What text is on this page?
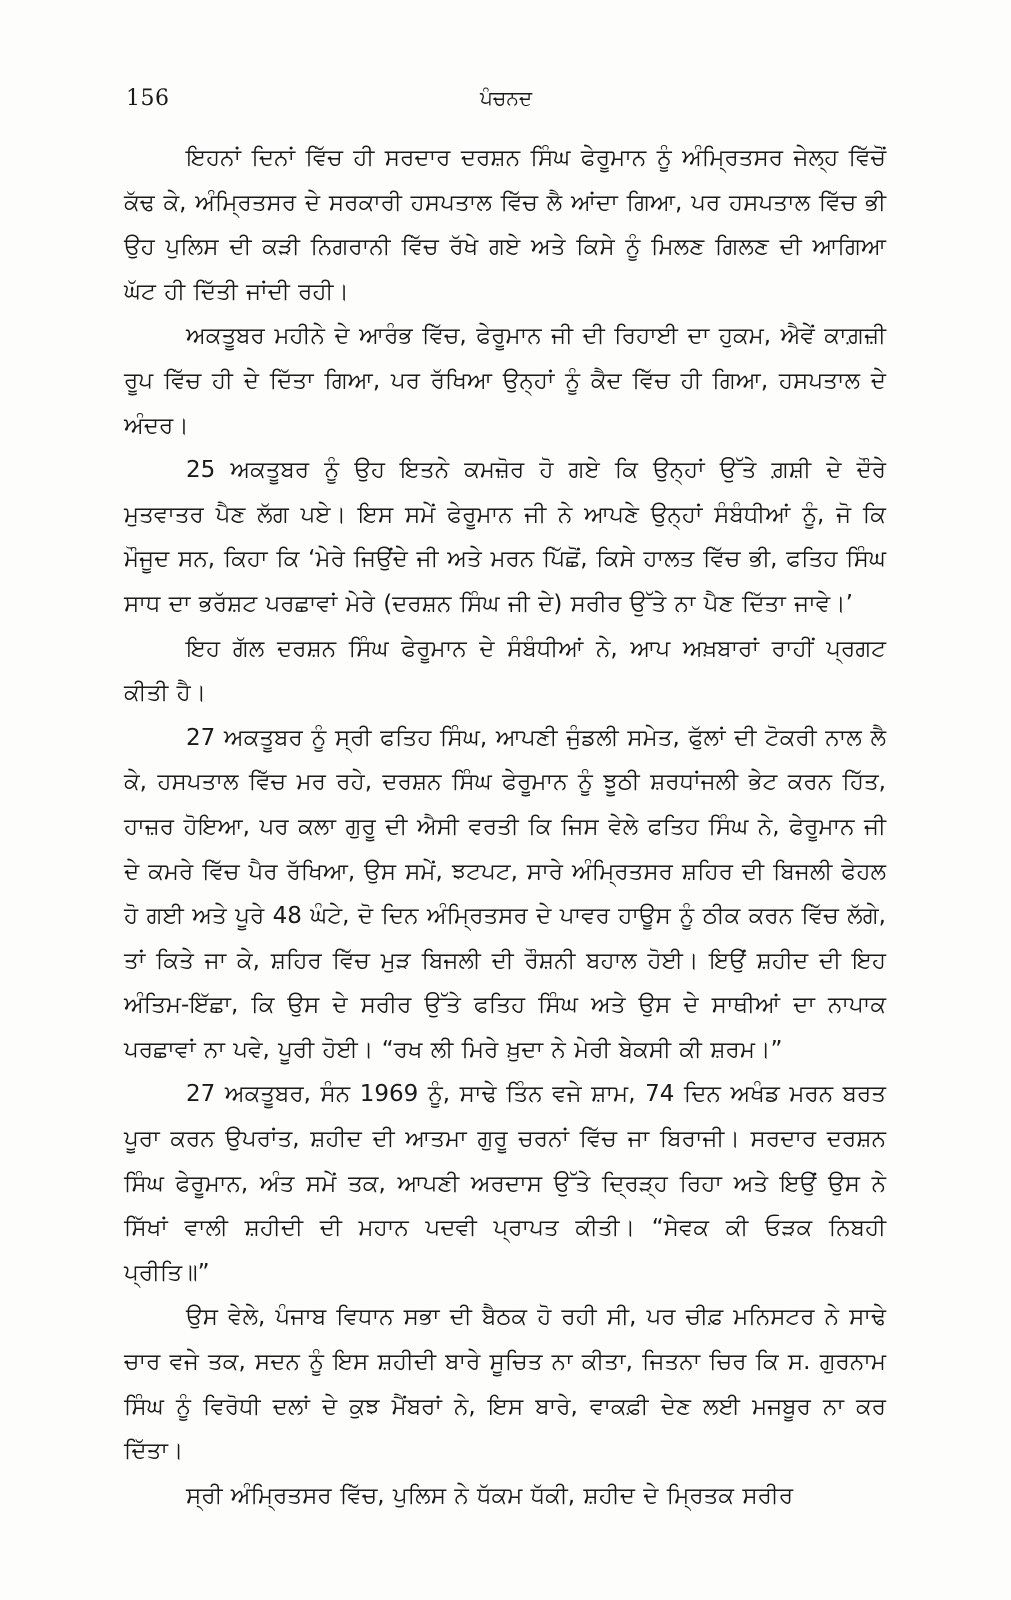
156	ਪੰਚਨਦ

ਇਹਨਾਂ ਦਿਨਾਂ ਵਿੱਚ ਹੀ ਸਰਦਾਰ ਦਰਸ਼ਨ ਸਿੰਘ ਫੇਰੂਮਾਨ ਨੂੰ ਅੰਮ੍ਰਿਤਸਰ ਜੇਲ੍ਹ ਵਿੱਚੋਂ ਕੱਢ ਕੇ, ਅੰਮ੍ਰਿਤਸਰ ਦੇ ਸਰਕਾਰੀ ਹਸਪਤਾਲ ਵਿੱਚ ਲੈ ਆਂਦਾ ਗਿਆ, ਪਰ ਹਸਪਤਾਲ ਵਿੱਚ ਭੀ ਉਹ ਪੁਲਿਸ ਦੀ ਕੜੀ ਨਿਗਰਾਨੀ ਵਿੱਚ ਰੱਖੇ ਗਏ ਅਤੇ ਕਿਸੇ ਨੂੰ ਮਿਲਣ ਗਿਲਣ ਦੀ ਆਗਿਆ ਘੱਟ ਹੀ ਦਿੱਤੀ ਜਾਂਦੀ ਰਹੀ।

ਅਕਤੂਬਰ ਮਹੀਨੇ ਦੇ ਆਰੰਭ ਵਿੱਚ, ਫੇਰੂਮਾਨ ਜੀ ਦੀ ਰਿਹਾਈ ਦਾ ਹੁਕਮ, ਐਵੇਂ ਕਾਗ਼ਜ਼ੀ ਰੂਪ ਵਿੱਚ ਹੀ ਦੇ ਦਿੱਤਾ ਗਿਆ, ਪਰ ਰੱਖਿਆ ਉਨ੍ਹਾਂ ਨੂੰ ਕੈਦ ਵਿੱਚ ਹੀ ਗਿਆ, ਹਸਪਤਾਲ ਦੇ ਅੰਦਰ।

25 ਅਕਤੂਬਰ ਨੂੰ ਉਹ ਇਤਨੇ ਕਮਜ਼ੋਰ ਹੋ ਗਏ ਕਿ ਉਨ੍ਹਾਂ ਉੱਤੇ ਗ਼ਸ਼ੀ ਦੇ ਦੌਰੇ ਮੁਤਵਾਤਰ ਪੈਣ ਲੱਗ ਪਏ। ਇਸ ਸਮੇਂ ਫੇਰੂਮਾਨ ਜੀ ਨੇ ਆਪਣੇ ਉਨ੍ਹਾਂ ਸੰਬੰਧੀਆਂ ਨੂੰ, ਜੋ ਕਿ ਮੌਜੂਦ ਸਨ, ਕਿਹਾ ਕਿ ‘ਮੇਰੇ ਜਿਉਂਦੇ ਜੀ ਅਤੇ ਮਰਨ ਪਿੱਛੋਂ, ਕਿਸੇ ਹਾਲਤ ਵਿੱਚ ਭੀ, ਫਤਿਹ ਸਿੰਘ ਸਾਧ ਦਾ ਭਰੱਸ਼ਟ ਪਰਛਾਵਾਂ ਮੇਰੇ (ਦਰਸ਼ਨ ਸਿੰਘ ਜੀ ਦੇ) ਸਰੀਰ ਉੱਤੇ ਨਾ ਪੈਣ ਦਿੱਤਾ ਜਾਵੇ।’

ਇਹ ਗੱਲ ਦਰਸ਼ਨ ਸਿੰਘ ਫੇਰੂਮਾਨ ਦੇ ਸੰਬੰਧੀਆਂ ਨੇ, ਆਪ ਅਖ਼ਬਾਰਾਂ ਰਾਹੀਂ ਪ੍ਰਗਟ ਕੀਤੀ ਹੈ।

27 ਅਕਤੂਬਰ ਨੂੰ ਸ੍ਰੀ ਫਤਿਹ ਸਿੰਘ, ਆਪਣੀ ਜੁੰਡਲੀ ਸਮੇਤ, ਫੁੱਲਾਂ ਦੀ ਟੋਕਰੀ ਨਾਲ ਲੈ ਕੇ, ਹਸਪਤਾਲ ਵਿੱਚ ਮਰ ਰਹੇ, ਦਰਸ਼ਨ ਸਿੰਘ ਫੇਰੂਮਾਨ ਨੂੰ ਝੂਠੀ ਸ਼ਰਧਾਂਜਲੀ ਭੇਟ ਕਰਨ ਹਿੱਤ, ਹਾਜ਼ਰ ਹੋਇਆ, ਪਰ ਕਲਾ ਗੁਰੂ ਦੀ ਐਸੀ ਵਰਤੀ ਕਿ ਜਿਸ ਵੇਲੇ ਫਤਿਹ ਸਿੰਘ ਨੇ, ਫੇਰੂਮਾਨ ਜੀ ਦੇ ਕਮਰੇ ਵਿੱਚ ਪੈਰ ਰੱਖਿਆ, ਉਸ ਸਮੇਂ, ਝਟਪਟ, ਸਾਰੇ ਅੰਮ੍ਰਿਤਸਰ ਸ਼ਹਿਰ ਦੀ ਬਿਜਲੀ ਫੇਹਲ ਹੋ ਗਈ ਅਤੇ ਪੂਰੇ 48 ਘੰਟੇ, ਦੋ ਦਿਨ ਅੰਮ੍ਰਿਤਸਰ ਦੇ ਪਾਵਰ ਹਾਊਸ ਨੂੰ ਠੀਕ ਕਰਨ ਵਿੱਚ ਲੱਗੇ, ਤਾਂ ਕਿਤੇ ਜਾ ਕੇ, ਸ਼ਹਿਰ ਵਿੱਚ ਮੁੜ ਬਿਜਲੀ ਦੀ ਰੌਸ਼ਨੀ ਬਹਾਲ ਹੋਈ। ਇਉਂ ਸ਼ਹੀਦ ਦੀ ਇਹ ਅੰਤਿਮ-ਇੱਛਾ, ਕਿ ਉਸ ਦੇ ਸਰੀਰ ਉੱਤੇ ਫਤਿਹ ਸਿੰਘ ਅਤੇ ਉਸ ਦੇ ਸਾਥੀਆਂ ਦਾ ਨਾਪਾਕ ਪਰਛਾਵਾਂ ਨਾ ਪਵੇ, ਪੂਰੀ ਹੋਈ। “ਰਖ ਲੀ ਮਿਰੇ ਖ਼ੁਦਾ ਨੇ ਮੇਰੀ ਬੇਕਸੀ ਕੀ ਸ਼ਰਮ।”

27 ਅਕਤੂਬਰ, ਸੰਨ 1969 ਨੂੰ, ਸਾਢੇ ਤਿੰਨ ਵਜੇ ਸ਼ਾਮ, 74 ਦਿਨ ਅਖੰਡ ਮਰਨ ਬਰਤ ਪੂਰਾ ਕਰਨ ਉਪਰਾਂਤ, ਸ਼ਹੀਦ ਦੀ ਆਤਮਾ ਗੁਰੂ ਚਰਨਾਂ ਵਿੱਚ ਜਾ ਬਿਰਾਜੀ। ਸਰਦਾਰ ਦਰਸ਼ਨ ਸਿੰਘ ਫੇਰੂਮਾਨ, ਅੰਤ ਸਮੇਂ ਤਕ, ਆਪਣੀ ਅਰਦਾਸ ਉੱਤੇ ਦ੍ਰਿੜ੍ਹ ਰਿਹਾ ਅਤੇ ਇਉਂ ਉਸ ਨੇ ਸਿੱਖਾਂ ਵਾਲੀ ਸ਼ਹੀਦੀ ਦੀ ਮਹਾਨ ਪਦਵੀ ਪ੍ਰਾਪਤ ਕੀਤੀ। “ਸੇਵਕ ਕੀ ਓੜਕ ਨਿਬਹੀ ਪ੍ਰੀਤਿ॥”

ਉਸ ਵੇਲੇ, ਪੰਜਾਬ ਵਿਧਾਨ ਸਭਾ ਦੀ ਬੈਠਕ ਹੋ ਰਹੀ ਸੀ, ਪਰ ਚੀਫ਼ ਮਨਿਸਟਰ ਨੇ ਸਾਢੇ ਚਾਰ ਵਜੇ ਤਕ, ਸਦਨ ਨੂੰ ਇਸ ਸ਼ਹੀਦੀ ਬਾਰੇ ਸੂਚਿਤ ਨਾ ਕੀਤਾ, ਜਿਤਨਾ ਚਿਰ ਕਿ ਸ. ਗੁਰਨਾਮ ਸਿੰਘ ਨੂੰ ਵਿਰੋਧੀ ਦਲਾਂ ਦੇ ਕੁਝ ਮੈਂਬਰਾਂ ਨੇ, ਇਸ ਬਾਰੇ, ਵਾਕਫ਼ੀ ਦੇਣ ਲਈ ਮਜਬੂਰ ਨਾ ਕਰ ਦਿੱਤਾ।

ਸ੍ਰੀ ਅੰਮ੍ਰਿਤਸਰ ਵਿੱਚ, ਪੁਲਿਸ ਨੇ ਧੱਕਮ ਧੱਕੀ, ਸ਼ਹੀਦ ਦੇ ਮ੍ਰਿਤਕ ਸਰੀਰ
